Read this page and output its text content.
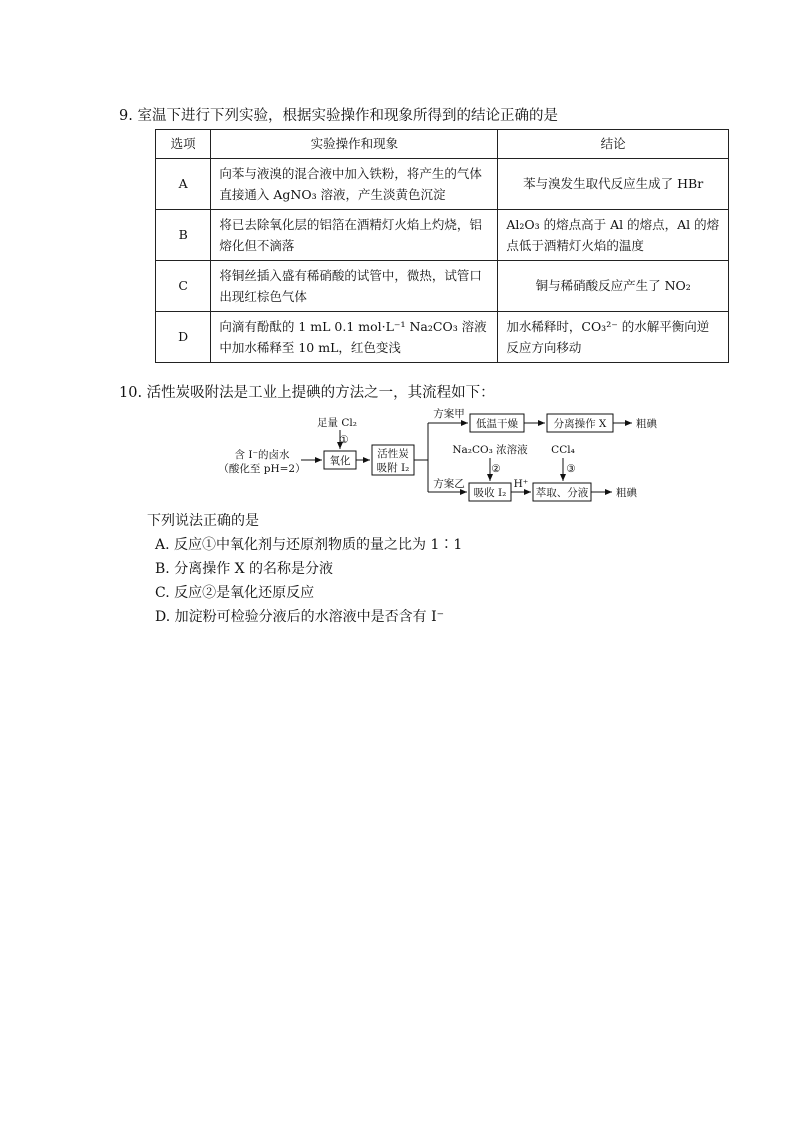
9. 室温下进行下列实验，根据实验操作和现象所得到的结论正确的是
选项	实验操作和现象	结论
A	向苯与液溴的混合液中加入铁粉，将产生的气体直接通入 AgNO₃ 溶液，产生淡黄色沉淀	苯与溴发生取代反应生成了 HBr
B	将已去除氧化层的铝箔在酒精灯火焰上灼烧，铝熔化但不滴落	Al₂O₃ 的熔点高于 Al 的熔点，Al 的熔点低于酒精灯火焰的温度
C	将铜丝插入盛有稀硝酸的试管中，微热，试管口出现红棕色气体	铜与稀硝酸反应产生了 NO₂
D	向滴有酚酞的 1 mL 0.1 mol·L⁻¹ Na₂CO₃ 溶液中加水稀释至 10 mL，红色变浅	加水稀释时，CO₃²⁻ 的水解平衡向逆反应方向移动
10. 活性炭吸附法是工业上提碘的方法之一，其流程如下：
含 I⁻的卤水
（酸化至 pH=2）
足量 Cl₂
①
氧化
活性炭
吸附 I₂
方案甲
方案乙
低温干燥	分离操作 X	粗碘
Na₂CO₃ 浓溶液
②
吸收 I₂
H⁺
CCl₄
③
萃取、分液	粗碘
下列说法正确的是
A. 反应①中氧化剂与还原剂物质的量之比为 1∶1
B. 分离操作 X 的名称是分液
C. 反应②是氧化还原反应
D. 加淀粉可检验分液后的水溶液中是否含有 I⁻
